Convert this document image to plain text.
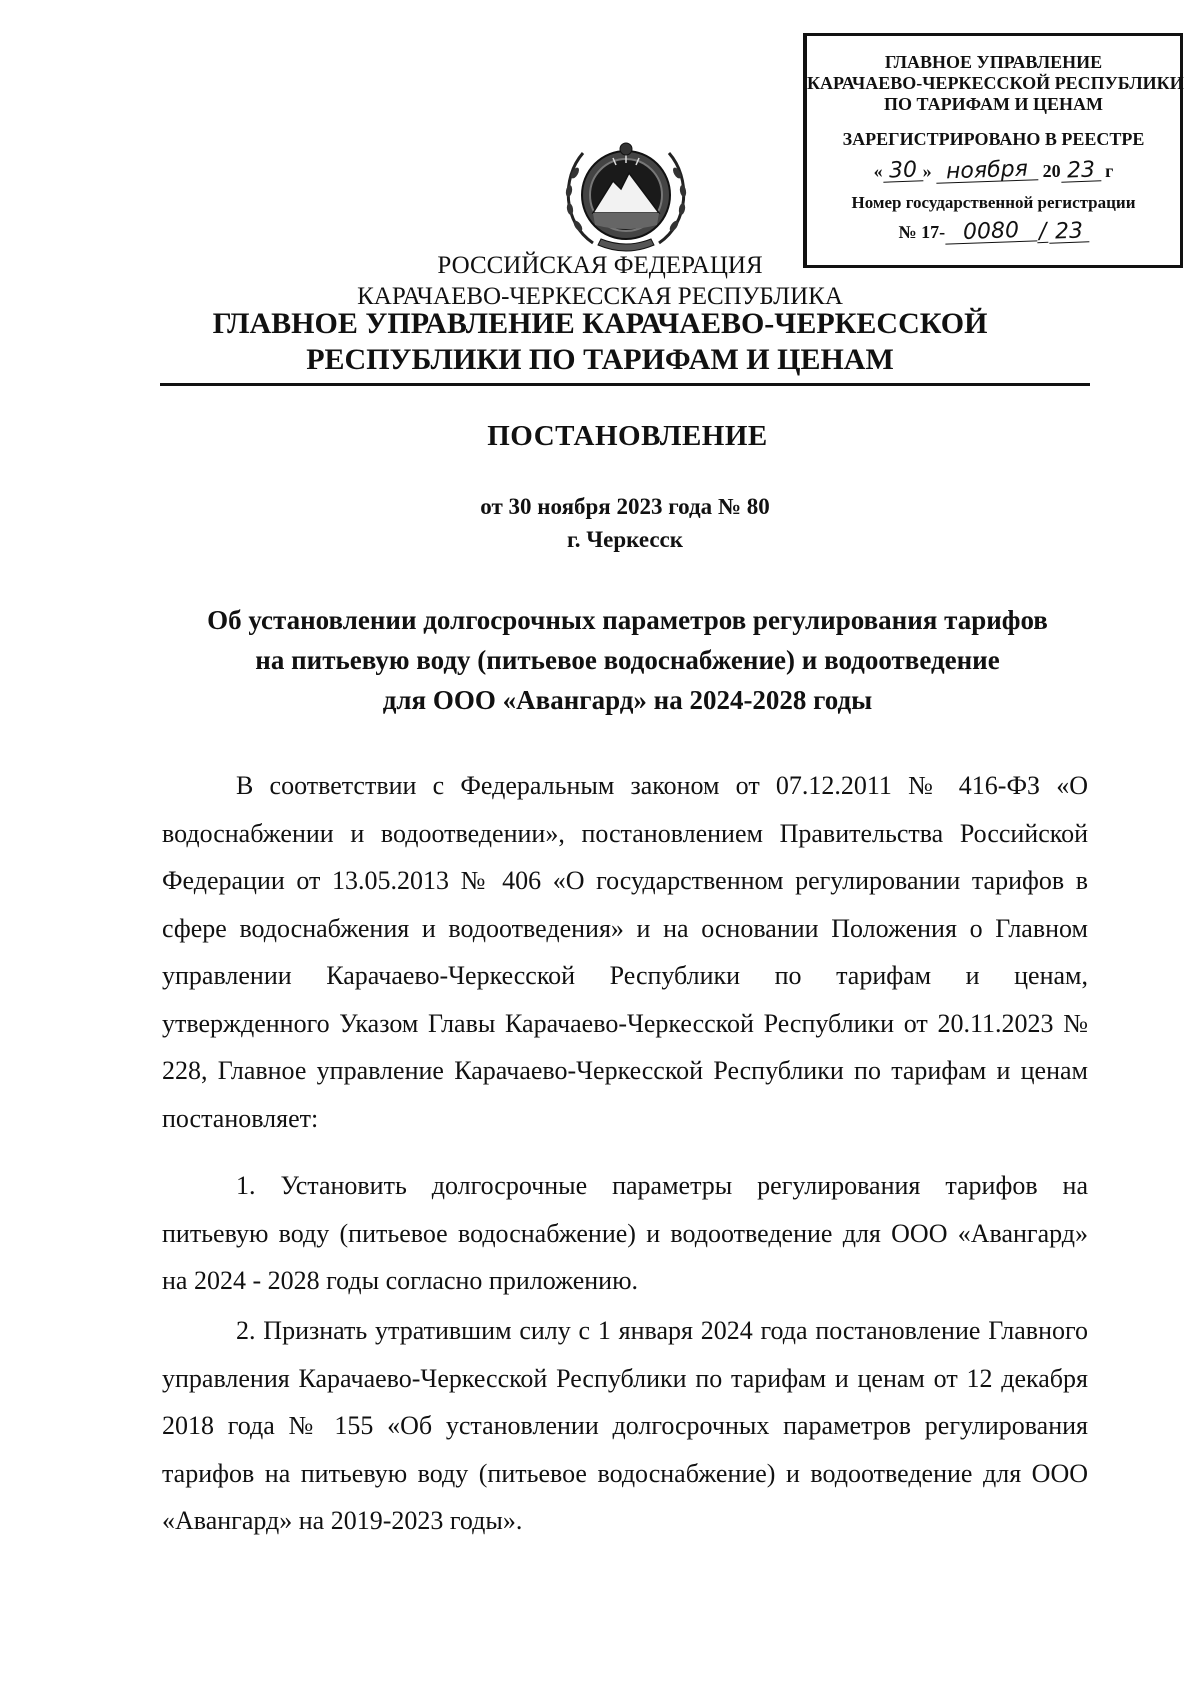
ГЛАВНОЕ УПРАВЛЕНИЕ
КАРАЧАЕВО-ЧЕРКЕССКОЙ РЕСПУБЛИКИ
ПО ТАРИФАМ И ЦЕНАМ
ЗАРЕГИСТРИРОВАНО В РЕЕСТРЕ
« 30 » ноября 20 23 г
Номер государственной регистрации
№ 17- 0080 / 23
РОССИЙСКАЯ ФЕДЕРАЦИЯ
КАРАЧАЕВО-ЧЕРКЕССКАЯ РЕСПУБЛИКА
ГЛАВНОЕ УПРАВЛЕНИЕ КАРАЧАЕВО-ЧЕРКЕССКОЙ
РЕСПУБЛИКИ ПО ТАРИФАМ И ЦЕНАМ
ПОСТАНОВЛЕНИЕ
от 30 ноября 2023 года № 80
г. Черкесск
Об установлении долгосрочных параметров регулирования тарифов
на питьевую воду (питьевое водоснабжение) и водоотведение
для ООО «Авангард» на 2024-2028 годы
В соответствии с Федеральным законом от 07.12.2011 № 416-ФЗ «О водоснабжении и водоотведении», постановлением Правительства Российской Федерации от 13.05.2013 № 406 «О государственном регулировании тарифов в сфере водоснабжения и водоотведения» и на основании Положения о Главном управлении Карачаево-Черкесской Республики по тарифам и ценам, утвержденного Указом Главы Карачаево-Черкесской Республики от 20.11.2023 № 228, Главное управление Карачаево-Черкесской Республики по тарифам и ценам постановляет:
1. Установить долгосрочные параметры регулирования тарифов на питьевую воду (питьевое водоснабжение) и водоотведение для ООО «Авангард» на 2024 - 2028 годы согласно приложению.
2. Признать утратившим силу с 1 января 2024 года постановление Главного управления Карачаево-Черкесской Республики по тарифам и ценам от 12 декабря 2018 года № 155 «Об установлении долгосрочных параметров регулирования тарифов на питьевую воду (питьевое водоснабжение) и водоотведение для ООО «Авангард» на 2019-2023 годы».
